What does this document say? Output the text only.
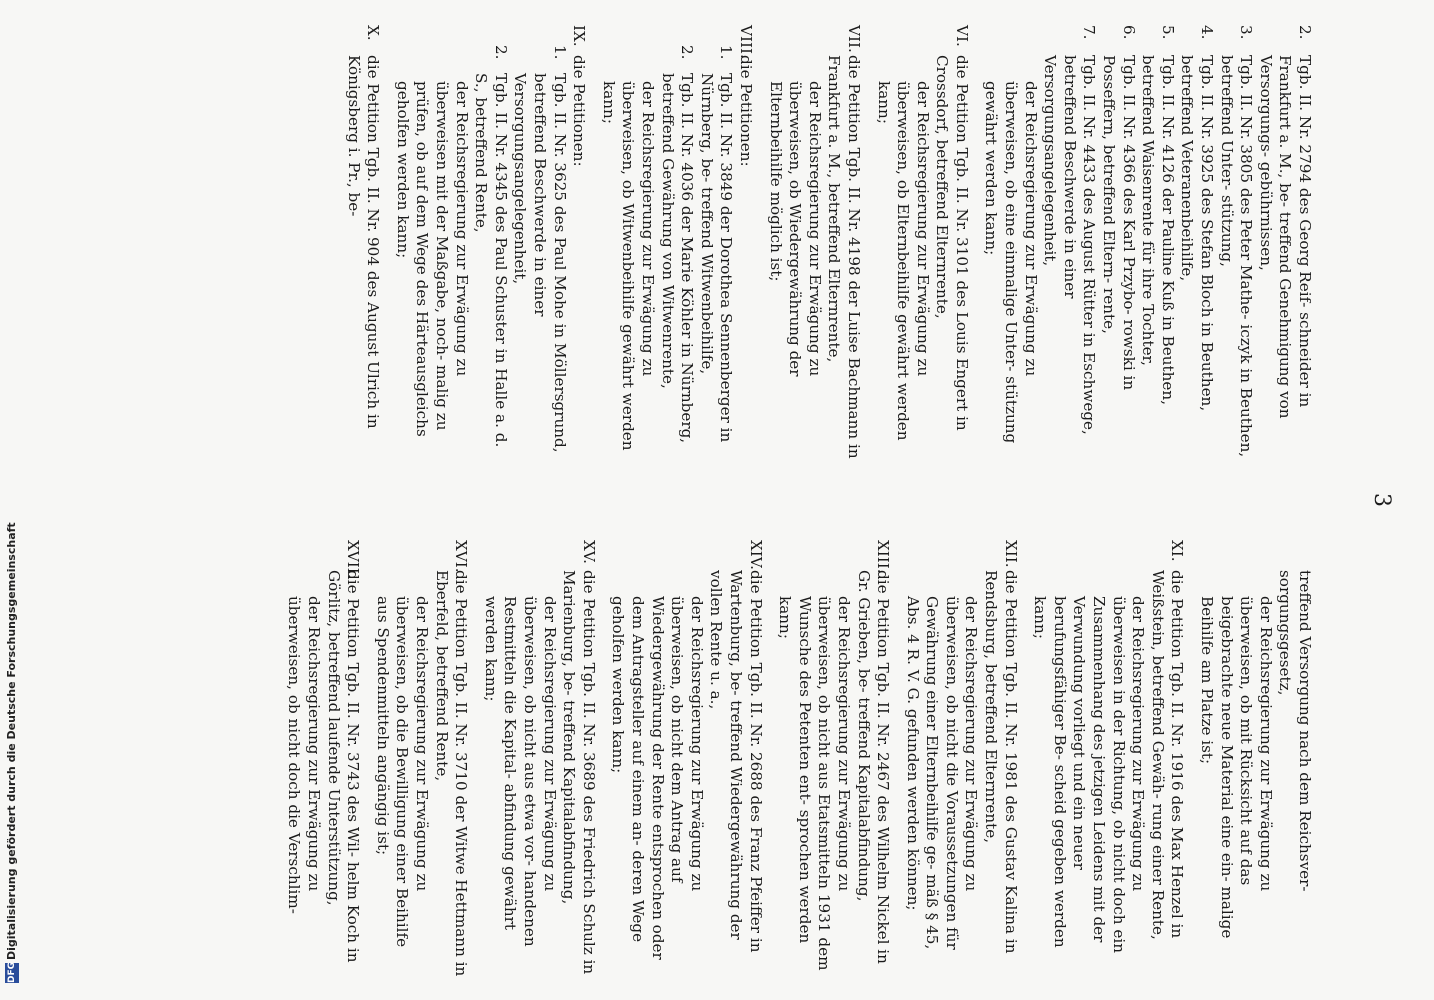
3
2.
Tgb. II. Nr. 2794 des Georg Reif‑ schneider in Frankfurt a. M., be‑ treffend Genehmigung von Versorgungs‑ gebührnissen,
3.
Tgb. II. Nr. 3805 des Peter Mathe‑ iczyk in Beuthen, betreffend Unter‑ stützung,
4.
Tgb. II. Nr. 3925 des Stefan Bloch in Beuthen, betreffend Veteranenbeihilfe,
5.
Tgb. II. Nr. 4126 der Pauline Kuß in Beuthen, betreffend Waisenrente für ihre Tochter,
6.
Tgb. II. Nr. 4366 des Karl Przybo‑ rowski in Posseffern, betreffend Eltern‑ rente,
7.
Tgb. II. Nr. 4433 des August Rütter in Eschwege, betreffend Beschwerde in einer Versorgungsangelegenheit,
der Reichsregierung zur Erwägung zu überweisen, ob eine einmalige Unter‑ stützung gewährt werden kann;
VI.
die Petition Tgb. II. Nr. 3101 des Louis Engert in Crossdorf, betreffend Elternrente,
der Reichsregierung zur Erwägung zu überweisen, ob Elternbeihilfe gewährt werden kann;
VII.
die Petition Tgb. II. Nr. 4198 der Luise Bachmann in Frankfurt a. M., betreffend Elternrente,
der Reichsregierung zur Erwägung zu überweisen, ob Wiedergewährung der Elternbeihilfe möglich ist;
VIII.
die Petitionen:
1.
Tgb. II. Nr. 3849 der Dorothea Sennenberger in Nürnberg, be‑ treffend Witwenbeihilfe,
2.
Tgb. II. Nr. 4036 der Marie Köhler in Nürnberg, betreffend Gewährung von Witwenrente,
der Reichsregierung zur Erwägung zu überweisen, ob Witwenbeihilfe gewährt werden kann;
IX.
die Petitionen:
1.
Tgb. II. Nr. 3625 des Paul Mohe in Möllersgrund, betreffend Beschwerde in einer Versorgungsangelegenheit,
2.
Tgb. II. Nr. 4345 des Paul Schuster in Halle a. d. S., betreffend Rente,
der Reichsregierung zur Erwägung zu überweisen mit der Maßgabe, noch‑ malig zu prüfen, ob auf dem Wege des Härteausgleichs geholfen werden kann;
X.
die Petition Tgb. II. Nr. 904 des August Ulrich in Königsberg i. Pr., be‑
treffend Versorgung nach dem Reichsver‑ sorgungsgesetz,
der Reichsregierung zur Erwägung zu überweisen, ob mit Rücksicht auf das beigebrachte neue Material eine ein‑ malige Beihilfe am Platze ist;
XI.
die Petition Tgb. II. Nr. 1916 des Max Henzel in Weißstein, betreffend Gewäh‑ rung einer Rente,
der Reichsregierung zur Erwägung zu überweisen in der Richtung, ob nicht doch ein Zusammenhang des jetzigen Leidens mit der Verwundung vorliegt und ein neuer berufungsfähiger Be‑ scheid gegeben werden kann;
XII.
die Petition Tgb. II. Nr. 1981 des Gustav Kalina in Rendsburg, betreffend Elternrente,
der Reichsregierung zur Erwägung zu überweisen, ob nicht die Voraussetzungen für Gewährung einer Elternbeihilfe ge‑ mäß § 45, Abs. 4 R. V. G. gefunden werden können;
XIII.
die Petition Tgb. II. Nr. 2467 des Wilhelm Nickel in Gr. Grieben, be‑ treffend Kapitalabfindung,
der Reichsregierung zur Erwägung zu überweisen, ob nicht aus Etatsmitteln 1931 dem Wunsche des Petenten ent‑ sprochen werden kann;
XIV.
die Petition Tgb. II. Nr. 2688 des Franz Pfeiffer in Wartenburg, be‑ treffend Wiedergewährung der vollen Rente u. a.,
der Reichsregierung zur Erwägung zu überweisen, ob nicht dem Antrag auf Wiedergewährung der Rente entsprochen oder dem Antragsteller auf einem an‑ deren Wege geholfen werden kann;
XV.
die Petition Tgb. II. Nr. 3689 des Friedrich Schulz in Marienburg, be‑ treffend Kapitalabfindung,
der Reichsregierung zur Erwägung zu überweisen, ob nicht aus etwa vor‑ handenen Restmitteln die Kapital‑ abfindung gewährt werden kann;
XVI.
die Petition Tgb. II. Nr. 3710 der Witwe Hettmann in Eberfeld, betreffend Rente,
der Reichsregierung zur Erwägung zu überweisen, ob die Bewilligung einer Beihilfe aus Spendenmitteln angängig ist;
XVII.
die Petition Tgb. II. Nr. 3743 des Wil‑ helm Koch in Görlitz, betreffend laufende Unterstützung,
der Reichsregierung zur Erwägung zu überweisen, ob nicht doch die Verschlim‑
Digitalisierung gefördert durch die Deutsche Forschungsgemeinschaft
DFG
